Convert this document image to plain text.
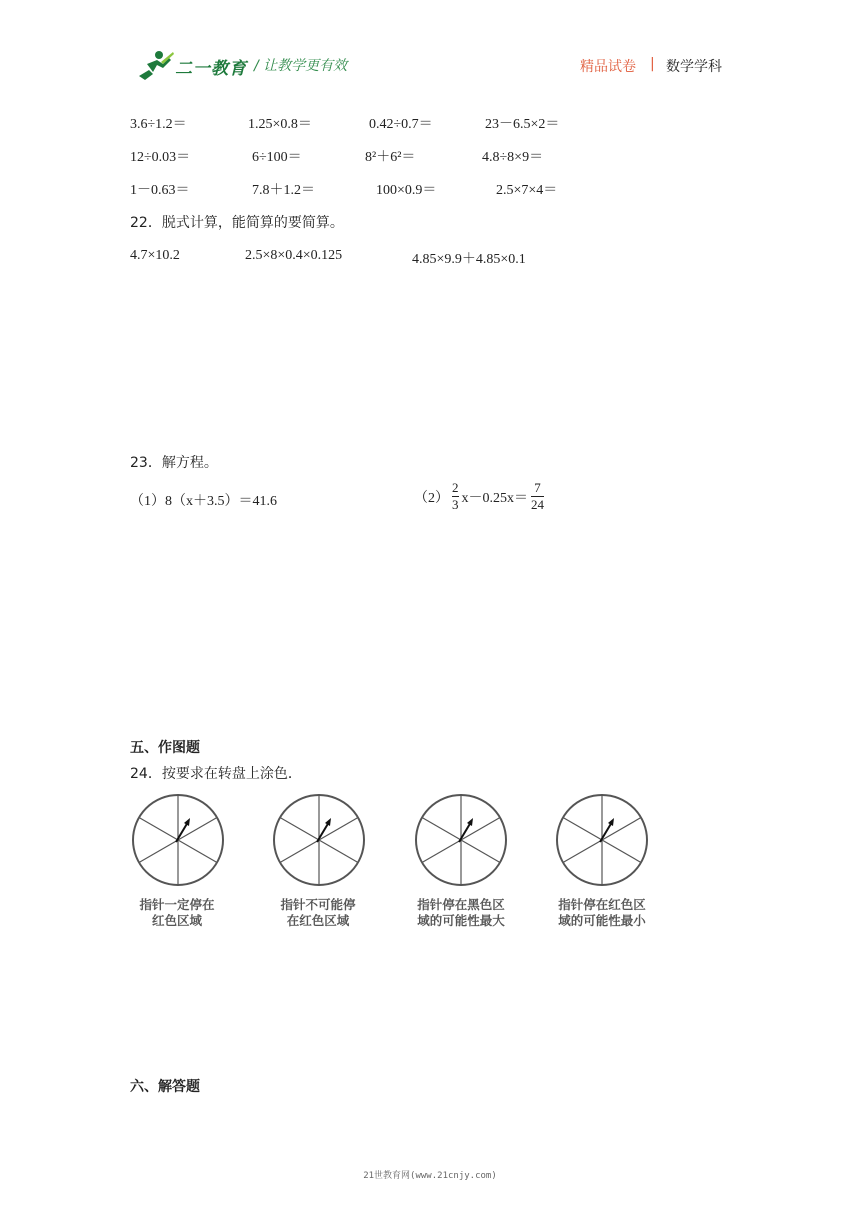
二一教育 / 让教学更有效	精品试卷 | 数学学科
3.6÷1.2＝	1.25×0.8＝	0.42÷0.7＝	23－6.5×2＝
12÷0.03＝	6÷100＝	8²＋6²＝	4.8÷8×9＝
1－0.63＝	7.8＋1.2＝	100×0.9＝	2.5×7×4＝
22．脱式计算，能简算的要简算。
4.7×10.2	2.5×8×0.4×0.125	4.85×9.9＋4.85×0.1
23．解方程。
（1）8（x＋3.5）＝41.6	$(2) \frac{2}{3} x-0.25x= \frac{7}{24}$
五、作图题
24．按要求在转盘上涂色．
指针一定停在
红色区域
指针不可能停
在红色区域
指针停在黑色区
域的可能性最大
指针停在红色区
域的可能性最小
六、解答题
21世教育网(www.21cnjy.com)
